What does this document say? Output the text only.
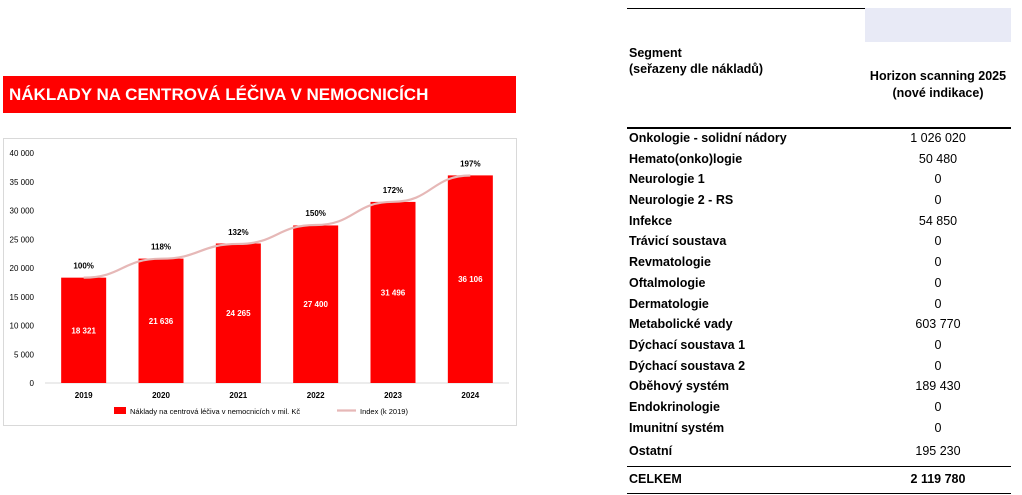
NÁKLADY NA CENTROVÁ LÉČIVA V NEMOCNICÍCH
0
5 000
10 000
15 000
20 000
25 000
30 000
35 000
40 000
18 321
2019
21 636
2020
24 265
2021
27 400
2022
31 496
2023
36 106
2024
100%
118%
132%
150%
172%
197%
Náklady na centrová léčiva v nemocnicích v mil. Kč	Index (k 2019)
Segment
(seřazeny dle nákladů)	Horizon scanning 2025
(nové indikace)
Onkologie - solidní nádory	1 026 020
Hemato(onko)logie	50 480
Neurologie 1	0
Neurologie 2 - RS	0
Infekce	54 850
Trávicí soustava	0
Revmatologie	0
Oftalmologie	0
Dermatologie	0
Metabolické vady	603 770
Dýchací soustava 1	0
Dýchací soustava 2	0
Oběhový systém	189 430
Endokrinologie	0
Imunitní systém	0
Ostatní	195 230
CELKEM	2 119 780
